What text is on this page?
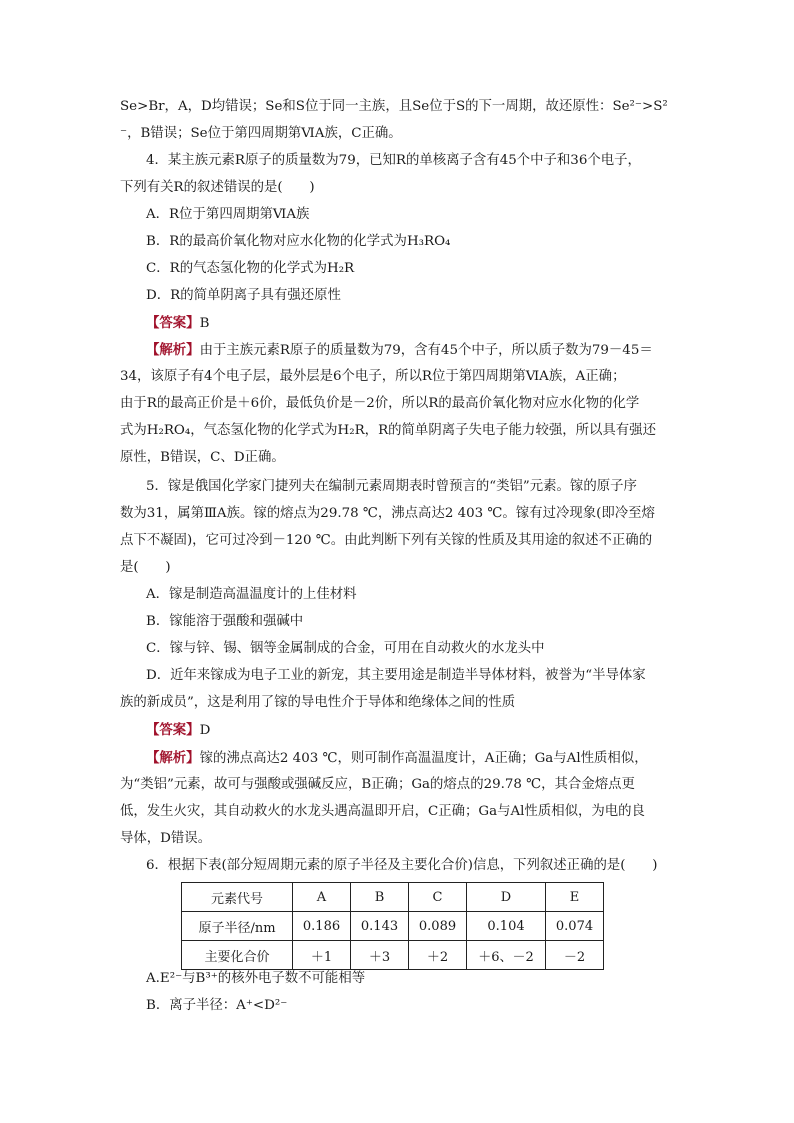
Se>Br，A，D均错误；Se和S位于同一主族，且Se位于S的下一周期，故还原性：Se²⁻>S²
⁻，B错误；Se位于第四周期第ⅥA族，C正确。
4．某主族元素R原子的质量数为79，已知R的单核离子含有45个中子和36个电子，
下列有关R的叙述错误的是(　　)
A．R位于第四周期第ⅥA族
B．R的最高价氧化物对应水化物的化学式为H₃RO₄
C．R的气态氢化物的化学式为H₂R
D．R的简单阴离子具有强还原性
【答案】B
【解析】由于主族元素R原子的质量数为79，含有45个中子，所以质子数为79－45＝
34，该原子有4个电子层，最外层是6个电子，所以R位于第四周期第ⅥA族，A正确；
由于R的最高正价是＋6价，最低负价是－2价，所以R的最高价氧化物对应水化物的化学
式为H₂RO₄，气态氢化物的化学式为H₂R，R的简单阴离子失电子能力较强，所以具有强还
原性，B错误，C、D正确。
5．镓是俄国化学家门捷列夫在编制元素周期表时曾预言的“类铝”元素。镓的原子序
数为31，属第ⅢA族。镓的熔点为29.78 ℃，沸点高达2 403 ℃。镓有过冷现象(即冷至熔
点下不凝固)，它可过冷到－120 ℃。由此判断下列有关镓的性质及其用途的叙述不正确的
是(　　)
A．镓是制造高温温度计的上佳材料
B．镓能溶于强酸和强碱中
C．镓与锌、锡、铟等金属制成的合金，可用在自动救火的水龙头中
D．近年来镓成为电子工业的新宠，其主要用途是制造半导体材料，被誉为“半导体家
族的新成员”，这是利用了镓的导电性介于导体和绝缘体之间的性质
【答案】D
【解析】镓的沸点高达2 403 ℃，则可制作高温温度计，A正确；Ga与Al性质相似，
为“类铝”元素，故可与强酸或强碱反应，B正确；Ga的熔点的29.78 ℃，其合金熔点更
低，发生火灾，其自动救火的水龙头遇高温即开启，C正确；Ga与Al性质相似，为电的良
导体，D错误。
6．根据下表(部分短周期元素的原子半径及主要化合价)信息，下列叙述正确的是(　　)
元素代号	A	B	C	D	E
原子半径/nm	0.186	0.143	0.089	0.104	0.074
主要化合价	＋1	＋3	＋2	＋6、－2	－2
A.E²⁻与B³⁺的核外电子数不可能相等
B．离子半径：A⁺<D²⁻
